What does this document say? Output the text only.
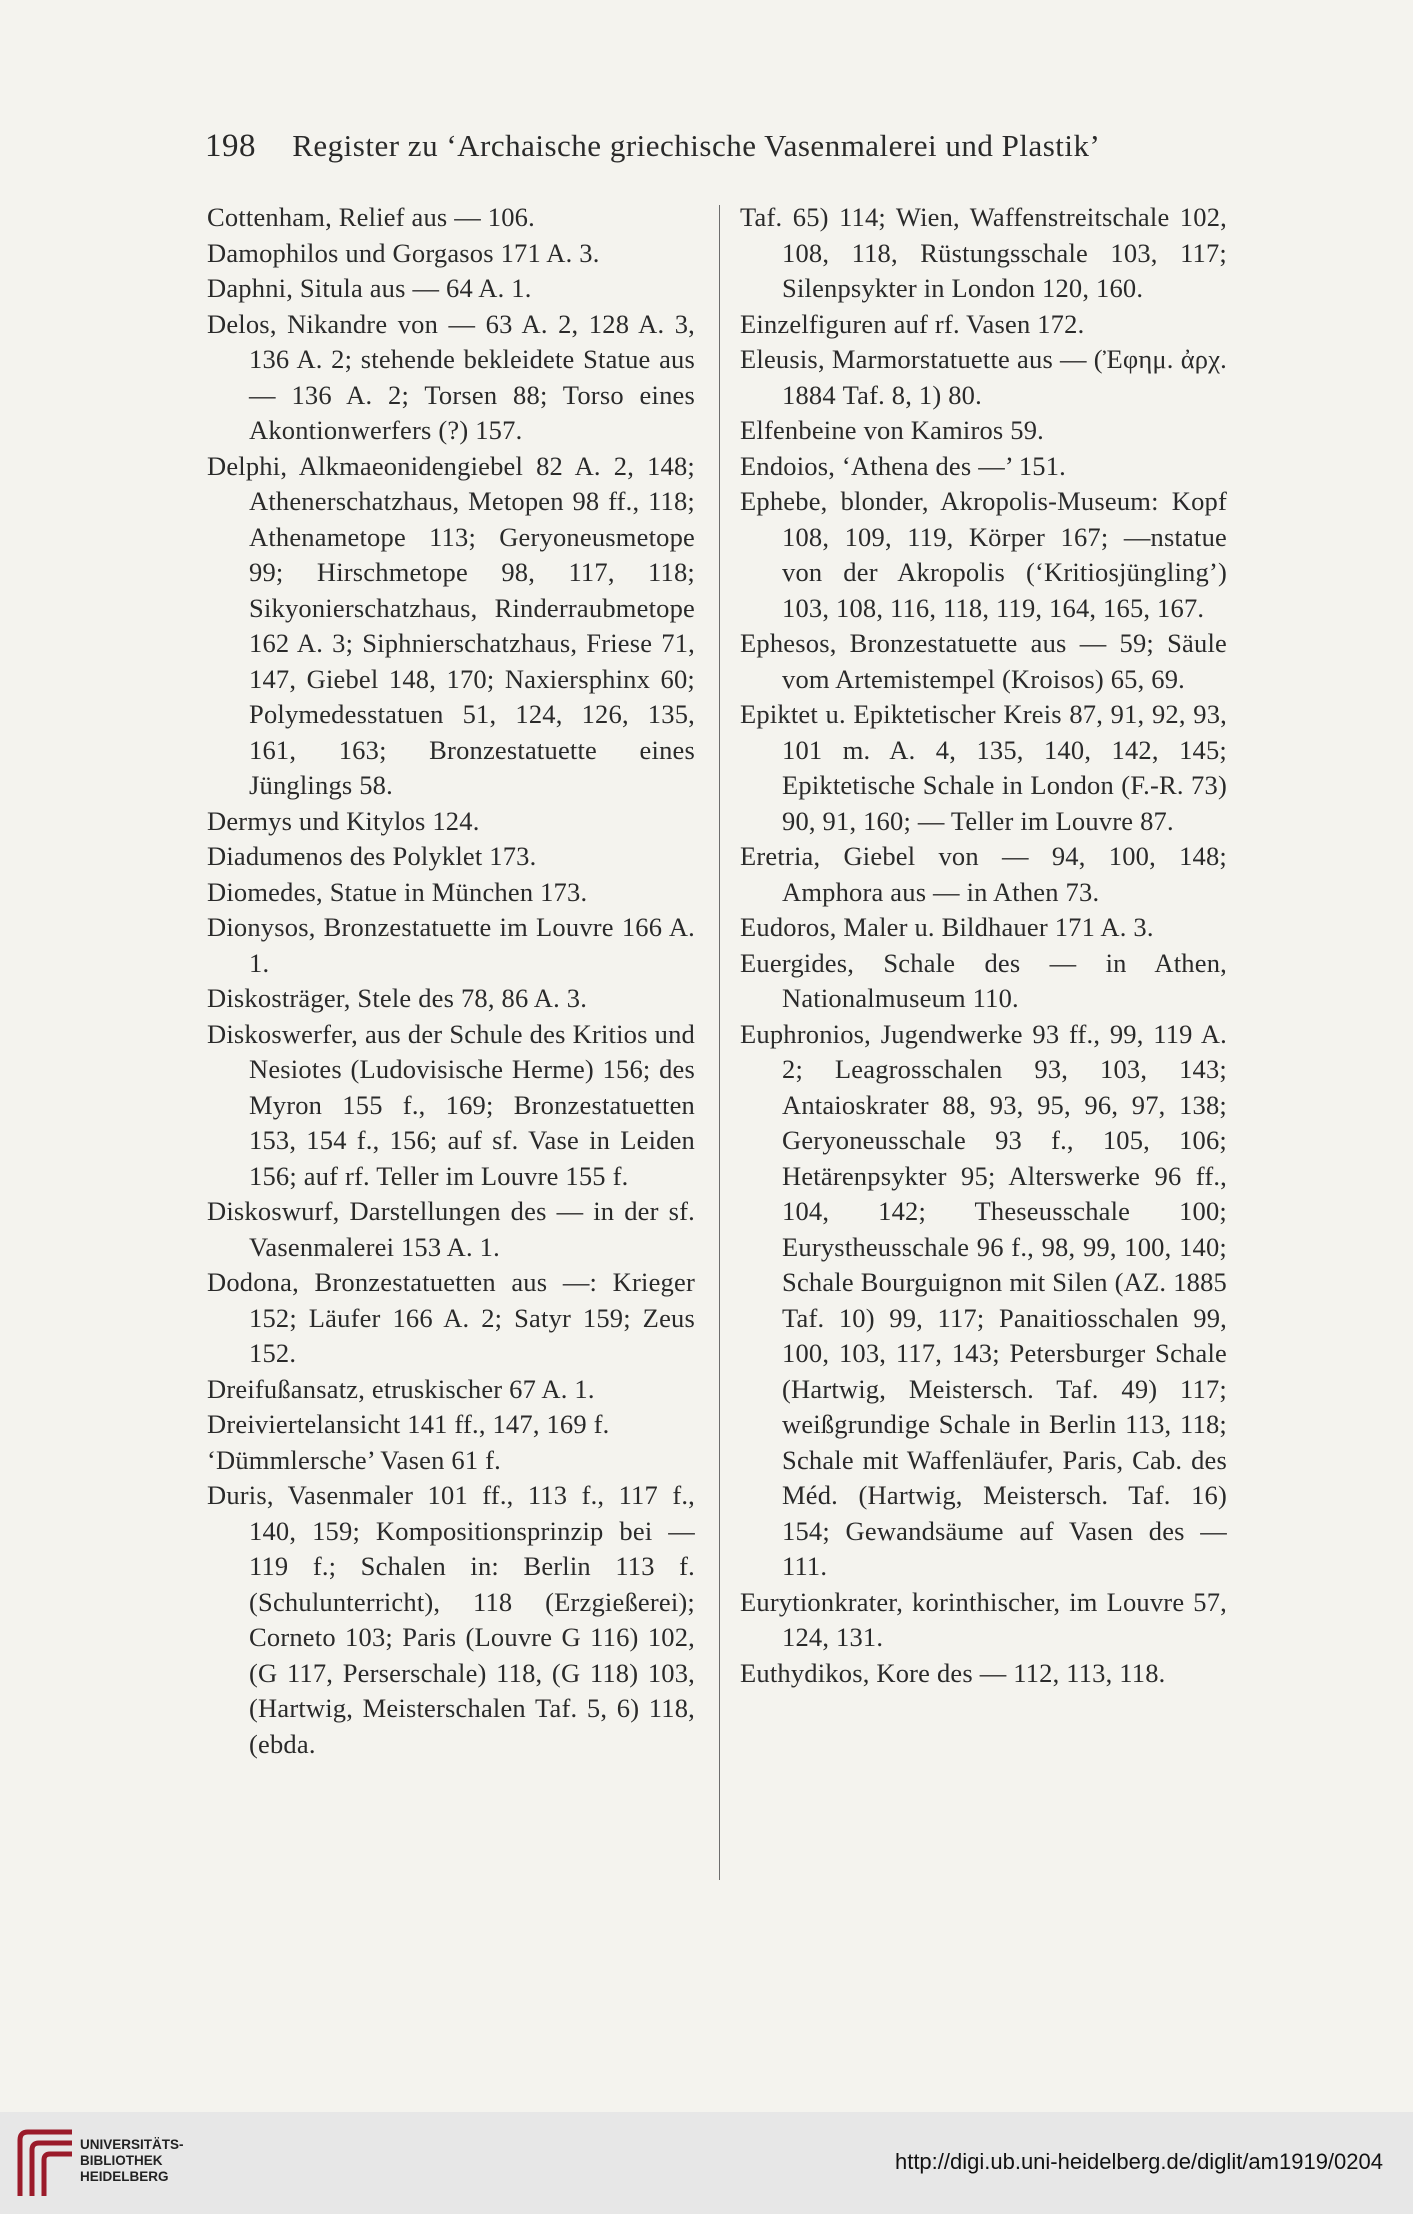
198 Register zu ‘Archaische griechische Vasenmalerei und Plastik’
Cottenham, Relief aus — 106.
Damophilos und Gorgasos 171 A. 3.
Daphni, Situla aus — 64 A. 1.
Delos, Nikandre von — 63 A. 2, 128 A. 3, 136 A. 2; stehende bekleidete Statue aus — 136 A. 2; Torsen 88; Torso eines Akontionwerfers (?) 157.
Delphi, Alkmaeonidengiebel 82 A. 2, 148; Athenerschatzhaus, Metopen 98 ff., 118; Athenametope 113; Geryoneusmetope 99; Hirschmetope 98, 117, 118; Sikyonierschatzhaus, Rinderraubmetope 162 A. 3; Siphnierschatzhaus, Friese 71, 147, Giebel 148, 170; Naxiersphinx 60; Polymedesstatuen 51, 124, 126, 135, 161, 163; Bronzestatuette eines Jünglings 58.
Dermys und Kitylos 124.
Diadumenos des Polyklet 173.
Diomedes, Statue in München 173.
Dionysos, Bronzestatuette im Louvre 166 A. 1.
Diskosträger, Stele des 78, 86 A. 3.
Diskoswerfer, aus der Schule des Kritios und Nesiotes (Ludovisische Herme) 156; des Myron 155 f., 169; Bronzestatuetten 153, 154 f., 156; auf sf. Vase in Leiden 156; auf rf. Teller im Louvre 155 f.
Diskoswurf, Darstellungen des — in der sf. Vasenmalerei 153 A. 1.
Dodona, Bronzestatuetten aus —: Krieger 152; Läufer 166 A. 2; Satyr 159; Zeus 152.
Dreifußansatz, etruskischer 67 A. 1.
Dreiviertelansicht 141 ff., 147, 169 f.
‘Dümmlersche’ Vasen 61 f.
Duris, Vasenmaler 101 ff., 113 f., 117 f., 140, 159; Kompositionsprinzip bei — 119 f.; Schalen in: Berlin 113 f. (Schulunterricht), 118 (Erzgießerei); Corneto 103; Paris (Louvre G 116) 102, (G 117, Perserschale) 118, (G 118) 103, (Hartwig, Meisterschalen Taf. 5, 6) 118, (ebda.
Taf. 65) 114; Wien, Waffenstreitschale 102, 108, 118, Rüstungsschale 103, 117; Silenpsykter in London 120, 160.
Einzelfiguren auf rf. Vasen 172.
Eleusis, Marmorstatuette aus — (Ἐφημ. ἀρχ. 1884 Taf. 8, 1) 80.
Elfenbeine von Kamiros 59.
Endoios, ‘Athena des —’ 151.
Ephebe, blonder, Akropolis-Museum: Kopf 108, 109, 119, Körper 167; —nstatue von der Akropolis (‘Kritiosjüngling’) 103, 108, 116, 118, 119, 164, 165, 167.
Ephesos, Bronzestatuette aus — 59; Säule vom Artemistempel (Kroisos) 65, 69.
Epiktet u. Epiktetischer Kreis 87, 91, 92, 93, 101 m. A. 4, 135, 140, 142, 145; Epiktetische Schale in London (F.-R. 73) 90, 91, 160; — Teller im Louvre 87.
Eretria, Giebel von — 94, 100, 148; Amphora aus — in Athen 73.
Eudoros, Maler u. Bildhauer 171 A. 3.
Euergides, Schale des — in Athen, Nationalmuseum 110.
Euphronios, Jugendwerke 93 ff., 99, 119 A. 2; Leagrosschalen 93, 103, 143; Antaioskrater 88, 93, 95, 96, 97, 138; Geryoneusschale 93 f., 105, 106; Hetärenpsykter 95; Alterswerke 96 ff., 104, 142; Theseusschale 100; Eurystheusschale 96 f., 98, 99, 100, 140; Schale Bourguignon mit Silen (AZ. 1885 Taf. 10) 99, 117; Panaitiosschalen 99, 100, 103, 117, 143; Petersburger Schale (Hartwig, Meistersch. Taf. 49) 117; weißgrundige Schale in Berlin 113, 118; Schale mit Waffenläufer, Paris, Cab. des Méd. (Hartwig, Meistersch. Taf. 16) 154; Gewandsäume auf Vasen des — 111.
Eurytionkrater, korinthischer, im Louvre 57, 124, 131.
Euthydikos, Kore des — 112, 113, 118.
UNIVERSITÄTS-
BIBLIOTHEK
HEIDELBERG
http://digi.ub.uni-heidelberg.de/diglit/am1919/0204
